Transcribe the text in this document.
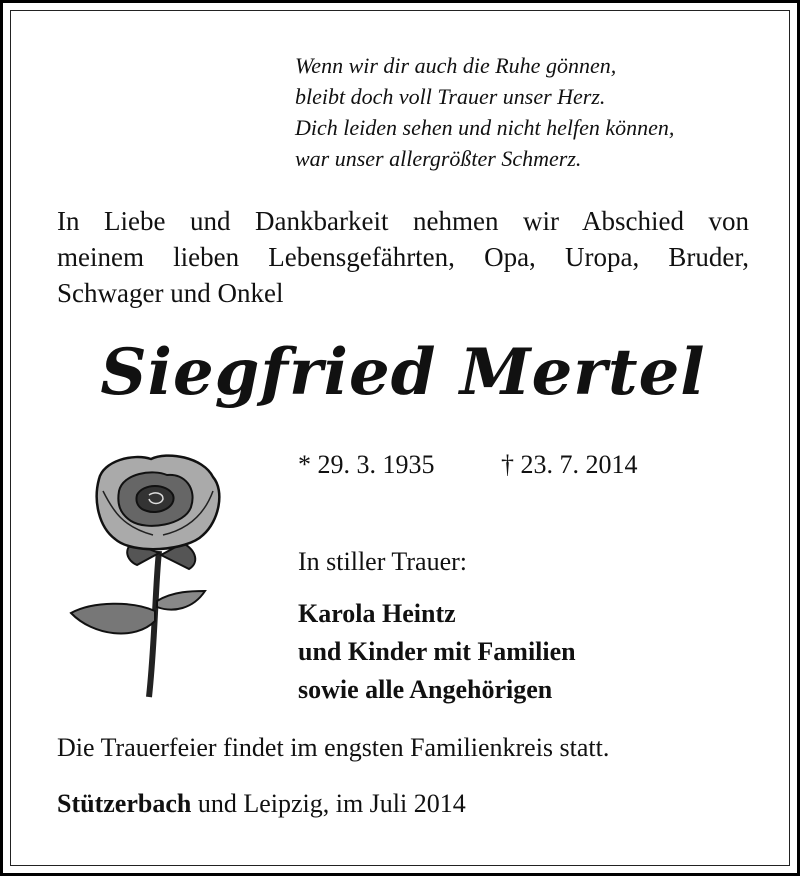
Wenn wir dir auch die Ruhe gönnen,
bleibt doch voll Trauer unser Herz.
Dich leiden sehen und nicht helfen können,
war unser allergrößter Schmerz.
In Liebe und Dankbarkeit nehmen wir Abschied von
meinem lieben Lebensgefährten, Opa, Uropa, Bruder,
Schwager und Onkel
Siegfried Mertel
* 29. 3. 1935	† 23. 7. 2014
In stiller Trauer:
Karola Heintz
und Kinder mit Familien
sowie alle Angehörigen
Die Trauerfeier findet im engsten Familienkreis statt.
Stützerbach und Leipzig, im Juli 2014
